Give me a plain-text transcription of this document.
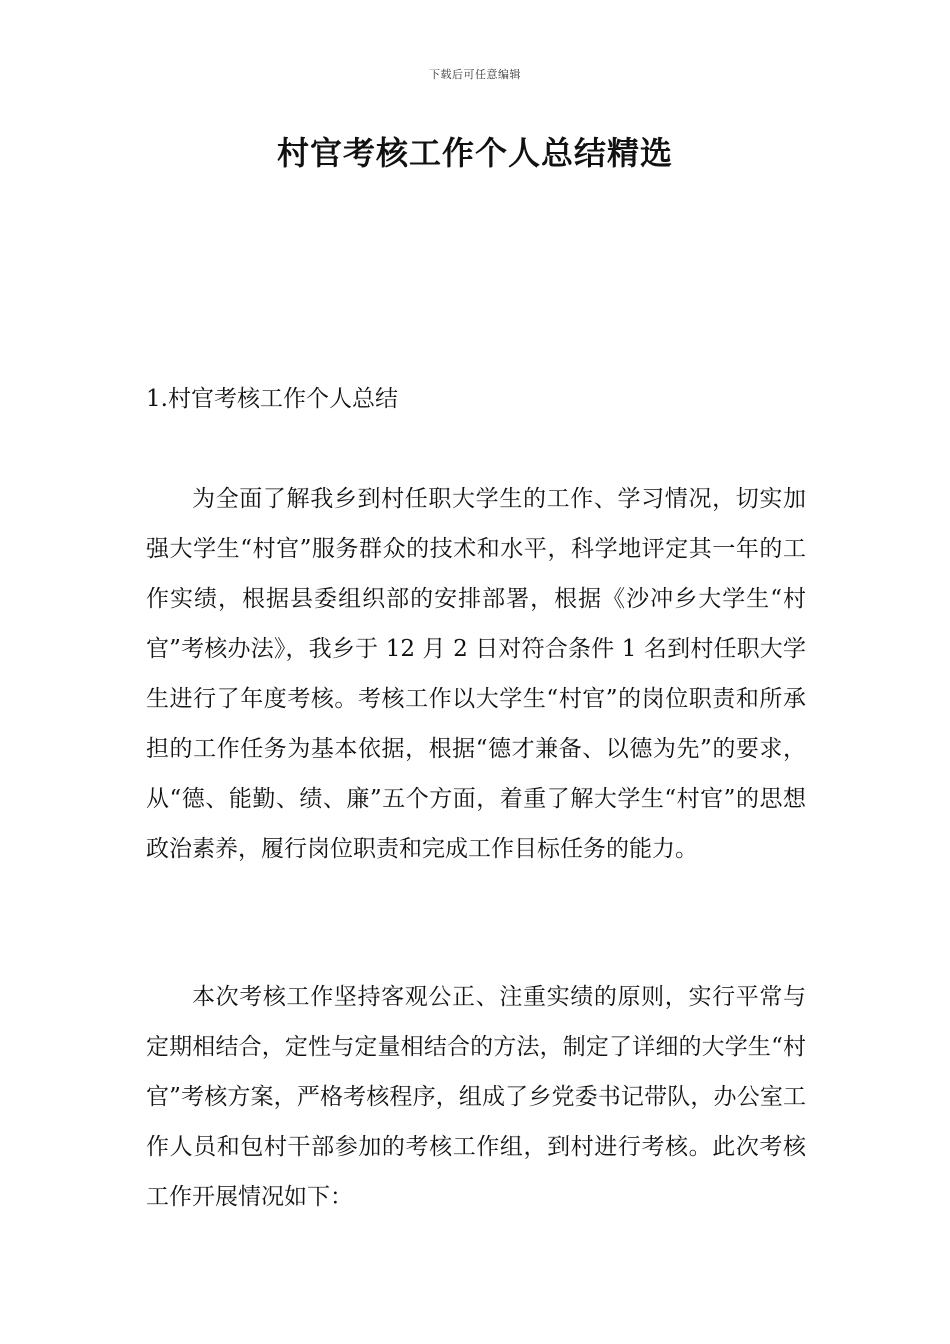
下载后可任意编辑
村官考核工作个人总结精选
1.村官考核工作个人总结

为全面了解我乡到村任职大学生的工作、学习情况，切实加强大学生“村官”服务群众的技术和水平，科学地评定其一年的工作实绩，根据县委组织部的安排部署，根据《沙冲乡大学生“村官”考核办法》，我乡于 12 月 2 日对符合条件 1 名到村任职大学生进行了年度考核。考核工作以大学生“村官”的岗位职责和所承担的工作任务为基本依据，根据“德才兼备、以德为先”的要求，从“德、能勤、绩、廉”五个方面，着重了解大学生“村官”的思想政治素养，履行岗位职责和完成工作目标任务的能力。

本次考核工作坚持客观公正、注重实绩的原则，实行平常与定期相结合，定性与定量相结合的方法，制定了详细的大学生“村官”考核方案，严格考核程序，组成了乡党委书记带队，办公室工作人员和包村干部参加的考核工作组，到村进行考核。此次考核工作开展情况如下：
